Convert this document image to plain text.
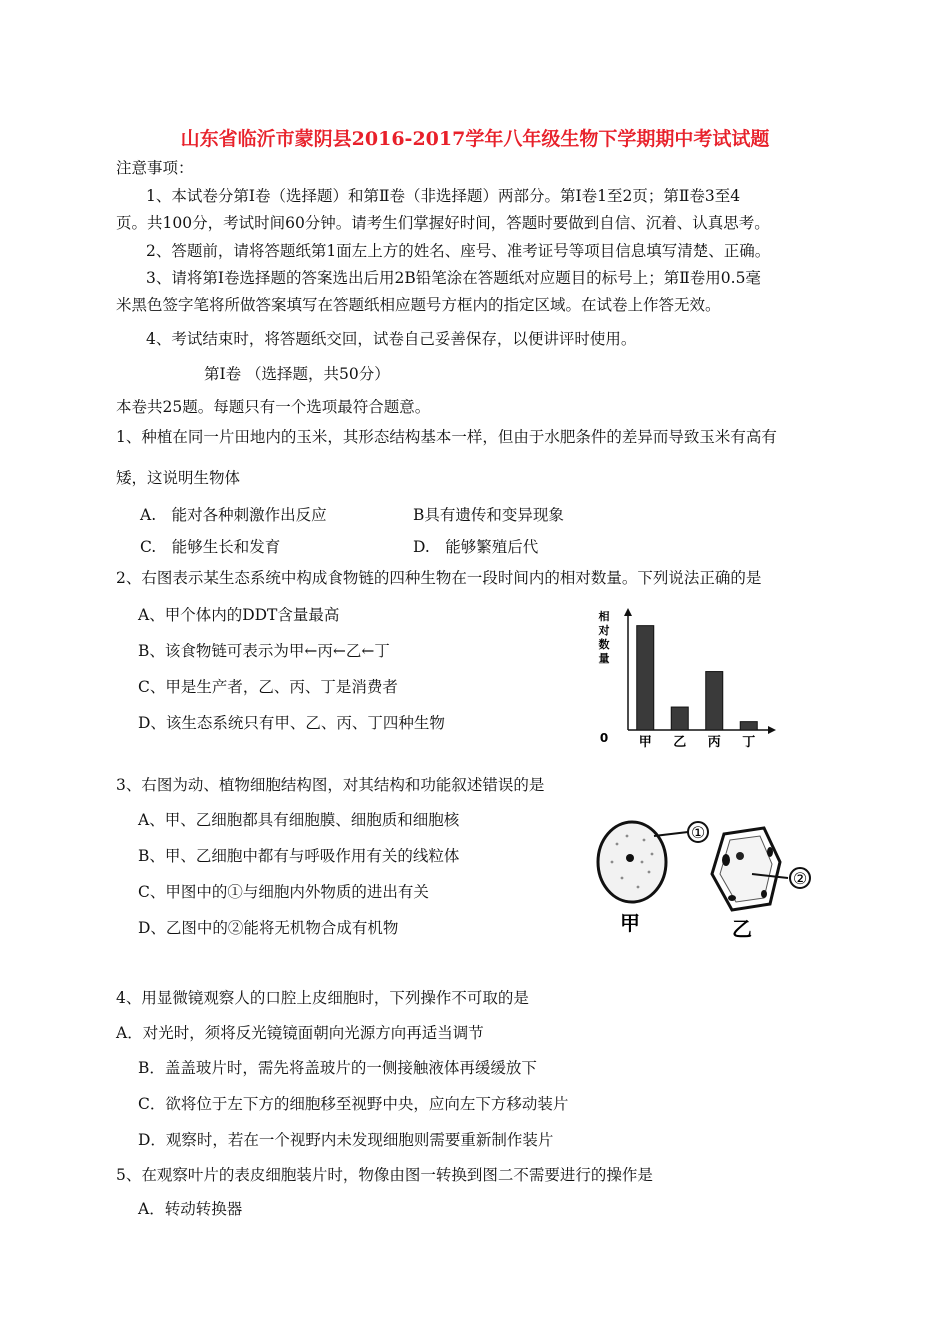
山东省临沂市蒙阴县2016-2017学年八年级生物下学期期中考试试题
注意事项：
1、本试卷分第Ⅰ卷（选择题）和第Ⅱ卷（非选择题）两部分。第Ⅰ卷1至2页；第Ⅱ卷3至4
页。共100分，考试时间60分钟。请考生们掌握好时间，答题时要做到自信、沉着、认真思考。
2、答题前，请将答题纸第1面左上方的姓名、座号、准考证号等项目信息填写清楚、正确。
3、请将第Ⅰ卷选择题的答案选出后用2B铅笔涂在答题纸对应题目的标号上；第Ⅱ卷用0.5毫
米黑色签字笔将所做答案填写在答题纸相应题号方框内的指定区域。在试卷上作答无效。
4、考试结束时，将答题纸交回，试卷自己妥善保存，以便讲评时使用。
第Ⅰ卷 （选择题，共50分）
本卷共25题。每题只有一个选项最符合题意。
1、种植在同一片田地内的玉米，其形态结构基本一样，但由于水肥条件的差异而导致玉米有高有
矮，这说明生物体
A.　能对各种刺激作出反应	B具有遗传和变异现象
C.　能够生长和发育	D.　能够繁殖后代
2、右图表示某生态系统中构成食物链的四种生物在一段时间内的相对数量。下列说法正确的是
A、甲个体内的DDT含量最高
B、该食物链可表示为甲←丙←乙←丁
C、甲是生产者，乙、丙、丁是消费者
D、该生态系统只有甲、乙、丙、丁四种生物
相
对
数
量
0 甲 乙 丙 丁
3、右图为动、植物细胞结构图，对其结构和功能叙述错误的是
A、甲、乙细胞都具有细胞膜、细胞质和细胞核
B、甲、乙细胞中都有与呼吸作用有关的线粒体
C、甲图中的①与细胞内外物质的进出有关
D、乙图中的②能将无机物合成有机物
①
②
甲	乙
4、用显微镜观察人的口腔上皮细胞时，下列操作不可取的是
A．对光时，须将反光镜镜面朝向光源方向再适当调节
B．盖盖玻片时，需先将盖玻片的一侧接触液体再缓缓放下
C．欲将位于左下方的细胞移至视野中央，应向左下方移动装片
D．观察时，若在一个视野内未发现细胞则需要重新制作装片
5、在观察叶片的表皮细胞装片时，物像由图一转换到图二不需要进行的操作是
A．转动转换器
